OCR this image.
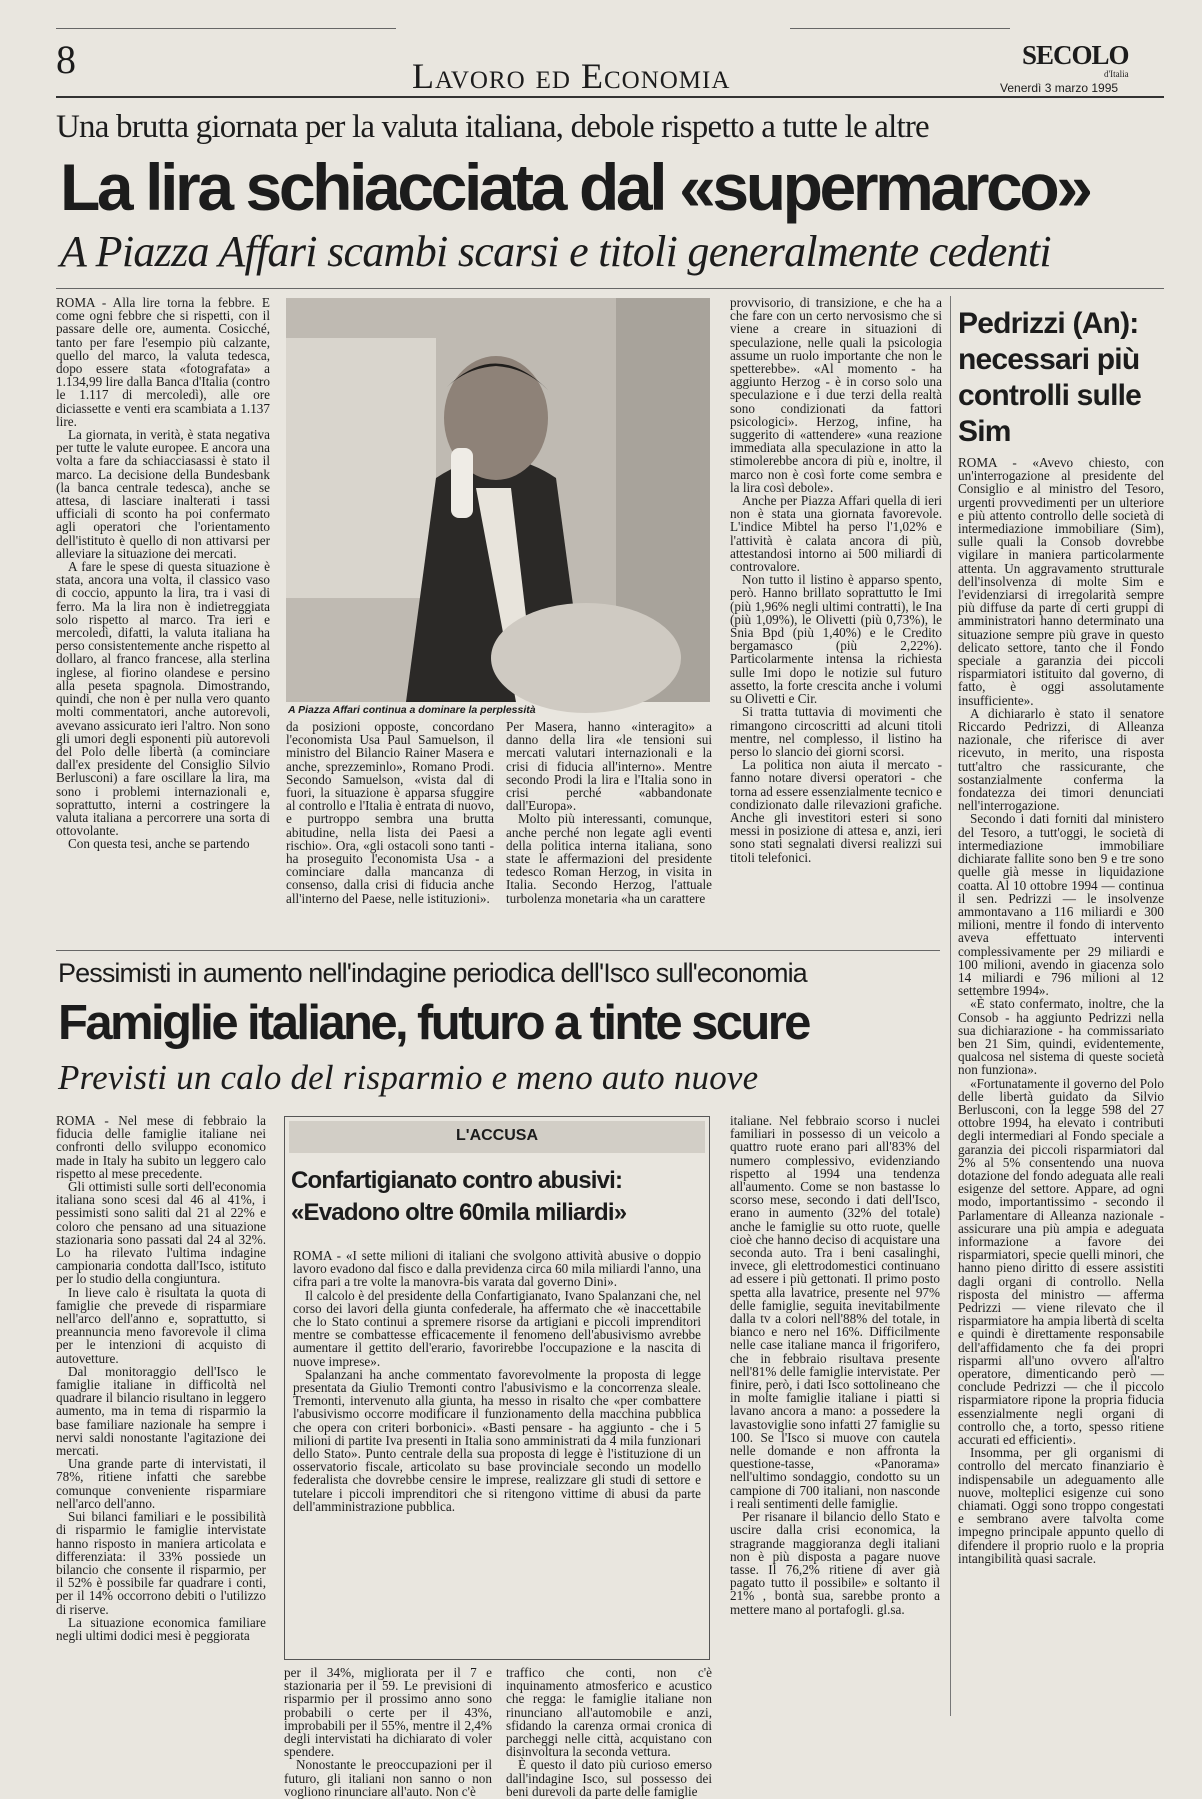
8	Lavoro ed Economia
SECOLO
d'Italia
Venerdì 3 marzo 1995
Una brutta giornata per la valuta italiana, debole rispetto a tutte le altre
La lira schiacciata dal «supermarco»
A Piazza Affari scambi scarsi e titoli generalmente cedenti
A Piazza Affari continua a dominare la perplessità

ROMA - Alla lire torna la febbre. E come ogni febbre che si rispetti, con il passare delle ore, aumenta. Cosicché, tanto per fare l'esempio più calzante, quello del marco, la valuta tedesca, dopo essere stata «fotografata» a 1.134,99 lire dalla Banca d'Italia (contro le 1.117 di mercoledì), alle ore diciassette e venti era scambiata a 1.137 lire.

La giornata, in verità, è stata negativa per tutte le valute europee. E ancora una volta a fare da schiacciasassi è stato il marco. La decisione della Bundesbank (la banca centrale tedesca), anche se attesa, di lasciare inalterati i tassi ufficiali di sconto ha poi confermato agli operatori che l'orientamento dell'istituto è quello di non attivarsi per alleviare la situazione dei mercati.

A fare le spese di questa situazione è stata, ancora una volta, il classico vaso di coccio, appunto la lira, tra i vasi di ferro. Ma la lira non è indietreggiata solo rispetto al marco. Tra ieri e mercoledì, difatti, la valuta italiana ha perso consistentemente anche rispetto al dollaro, al franco francese, alla sterlina inglese, al fiorino olandese e persino alla peseta spagnola. Dimostrando, quindi, che non è per nulla vero quanto molti commentatori, anche autorevoli, avevano assicurato ieri l'altro. Non sono gli umori degli esponenti più autorevoli del Polo delle libertà (a cominciare dall'ex presidente del Consiglio Silvio Berlusconi) a fare oscillare la lira, ma sono i problemi internazionali e, soprattutto, interni a costringere la valuta italiana a percorrere una sorta di ottovolante.

Con questa tesi, anche se partendo

da posizioni opposte, concordano l'economista Usa Paul Samuelson, il ministro del Bilancio Rainer Masera e anche, sprezzeminlo», Romano Prodi. Secondo Samuelson, «vista dal di fuori, la situazione è apparsa sfuggire al controllo e l'Italia è entrata di nuovo, e purtroppo sembra una brutta abitudine, nella lista dei Paesi a rischio». Ora, «gli ostacoli sono tanti - ha proseguito l'economista Usa - a cominciare dalla mancanza di consenso, dalla crisi di fiducia anche all'interno del Paese, nelle istituzioni».

Per Masera, hanno «interagito» a danno della lira «le tensioni sui mercati valutari internazionali e la crisi di fiducia all'interno». Mentre secondo Prodi la lira e l'Italia sono in crisi perché «abbandonate dall'Europa».

Molto più interessanti, comunque, anche perché non legate agli eventi della politica interna italiana, sono state le affermazioni del presidente tedesco Roman Herzog, in visita in Italia. Secondo Herzog, l'attuale turbolenza monetaria «ha un carattere

provvisorio, di transizione, e che ha a che fare con un certo nervosismo che si viene a creare in situazioni di speculazione, nelle quali la psicologia assume un ruolo importante che non le spetterebbe». «Al momento - ha aggiunto Herzog - è in corso solo una speculazione e i due terzi della realtà sono condizionati da fattori psicologici». Herzog, infine, ha suggerito di «attendere» «una reazione immediata alla speculazione in atto la stimolerebbe ancora di più e, inoltre, il marco non è così forte come sembra e la lira così debole».

Anche per Piazza Affari quella di ieri non è stata una giornata favorevole. L'indice Mibtel ha perso l'1,02% e l'attività è calata ancora di più, attestandosi intorno ai 500 miliardi di controvalore.

Non tutto il listino è apparso spento, però. Hanno brillato soprattutto le Imi (più 1,96% negli ultimi contratti), le Ina (più 1,09%), le Olivetti (più 0,73%), le Snia Bpd (più 1,40%) e le Credito bergamasco (più 2,22%). Particolarmente intensa la richiesta sulle Imi dopo le notizie sul futuro assetto, la forte crescita anche i volumi su Olivetti e Cir.

Si tratta tuttavia di movimenti che rimangono circoscritti ad alcuni titoli mentre, nel complesso, il listino ha perso lo slancio dei giorni scorsi.

La politica non aiuta il mercato - fanno notare diversi operatori - che torna ad essere essenzialmente tecnico e condizionato dalle rilevazioni grafiche. Anche gli investitori esteri si sono messi in posizione di attesa e, anzi, ieri sono stati segnalati diversi realizzi sui titoli telefonici.

Pedrizzi (An): necessari più controlli sulle Sim

ROMA - «Avevo chiesto, con un'interrogazione al presidente del Consiglio e al ministro del Tesoro, urgenti provvedimenti per un ulteriore e più attento controllo delle società di intermediazione immobiliare (Sim), sulle quali la Consob dovrebbe vigilare in maniera particolarmente attenta. Un aggravamento strutturale dell'insolvenza di molte Sim e l'evidenziarsi di irregolarità sempre più diffuse da parte di certi gruppi di amministratori hanno determinato una situazione sempre più grave in questo delicato settore, tanto che il Fondo speciale a garanzia dei piccoli risparmiatori istituito dal governo, di fatto, è oggi assolutamente insufficiente».

A dichiararlo è stato il senatore Riccardo Pedrizzi, di Alleanza nazionale, che riferisce di aver ricevuto, in merito, una risposta tutt'altro che rassicurante, che sostanzialmente conferma la fondatezza dei timori denunciati nell'interrogazione.

Secondo i dati forniti dal ministero del Tesoro, a tutt'oggi, le società di intermediazione immobiliare dichiarate fallite sono ben 9 e tre sono quelle già messe in liquidazione coatta. Al 10 ottobre 1994 — continua il sen. Pedrizzi — le insolvenze ammontavano a 116 miliardi e 300 milioni, mentre il fondo di intervento aveva effettuato interventi complessivamente per 29 miliardi e 100 milioni, avendo in giacenza solo 14 miliardi e 796 milioni al 12 settembre 1994».

«È stato confermato, inoltre, che la Consob - ha aggiunto Pedrizzi nella sua dichiarazione - ha commissariato ben 21 Sim, quindi, evidentemente, qualcosa nel sistema di queste società non funziona».

«Fortunatamente il governo del Polo delle libertà guidato da Silvio Berlusconi, con la legge 598 del 27 ottobre 1994, ha elevato i contributi degli intermediari al Fondo speciale a garanzia dei piccoli risparmiatori dal 2% al 5% consentendo una nuova dotazione del fondo adeguata alle reali esigenze del settore. Appare, ad ogni modo, importantissimo - secondo il Parlamentare di Alleanza nazionale - assicurare una più ampia e adeguata informazione a favore dei risparmiatori, specie quelli minori, che hanno pieno diritto di essere assistiti dagli organi di controllo. Nella risposta del ministro — afferma Pedrizzi — viene rilevato che il risparmiatore ha ampia libertà di scelta e quindi è direttamente responsabile dell'affidamento che fa dei propri risparmi all'uno ovvero all'altro operatore, dimenticando però — conclude Pedrizzi — che il piccolo risparmiatore ripone la propria fiducia essenzialmente negli organi di controllo che, a torto, spesso ritiene accurati ed efficienti».

Insomma, per gli organismi di controllo del mercato finanziario è indispensabile un adeguamento alle nuove, molteplici esigenze cui sono chiamati. Oggi sono troppo congestati e sembrano avere talvolta come impegno principale appunto quello di difendere il proprio ruolo e la propria intangibilità quasi sacrale.

Pessimisti in aumento nell'indagine periodica dell'Isco sull'economia
Famiglie italiane, futuro a tinte scure
Previsti un calo del risparmio e meno auto nuove

ROMA - Nel mese di febbraio la fiducia delle famiglie italiane nei confronti dello sviluppo economico made in Italy ha subito un leggero calo rispetto al mese precedente.

Gli ottimisti sulle sorti dell'economia italiana sono scesi dal 46 al 41%, i pessimisti sono saliti dal 21 al 22% e coloro che pensano ad una situazione stazionaria sono passati dal 24 al 32%. Lo ha rilevato l'ultima indagine campionaria condotta dall'Isco, istituto per lo studio della congiuntura.

In lieve calo è risultata la quota di famiglie che prevede di risparmiare nell'arco dell'anno e, soprattutto, si preannuncia meno favorevole il clima per le intenzioni di acquisto di autovetture.

Dal monitoraggio dell'Isco le famiglie italiane in difficoltà nel quadrare il bilancio risultano in leggero aumento, ma in tema di risparmio la base familiare nazionale ha sempre i nervi saldi nonostante l'agitazione dei mercati.

Una grande parte di intervistati, il 78%, ritiene infatti che sarebbe comunque conveniente risparmiare nell'arco dell'anno.

Sui bilanci familiari e le possibilità di risparmio le famiglie intervistate hanno risposto in maniera articolata e differenziata: il 33% possiede un bilancio che consente il risparmio, per il 52% è possibile far quadrare i conti, per il 14% occorrono debiti o l'utilizzo di riserve.

La situazione economica familiare negli ultimi dodici mesi è peggiorata

L'ACCUSA
Confartigianato contro abusivi: «Evadono oltre 60mila miliardi»

ROMA - «I sette milioni di italiani che svolgono attività abusive o doppio lavoro evadono dal fisco e dalla previdenza circa 60 mila miliardi l'anno, una cifra pari a tre volte la manovra-bis varata dal governo Dini».

Il calcolo è del presidente della Confartigianato, Ivano Spalanzani che, nel corso dei lavori della giunta confederale, ha affermato che «è inaccettabile che lo Stato continui a spremere risorse da artigiani e piccoli imprenditori mentre se combattesse efficacemente il fenomeno dell'abusivismo avrebbe aumentare il gettito dell'erario, favorirebbe l'occupazione e la nascita di nuove imprese».

Spalanzani ha anche commentato favorevolmente la proposta di legge presentata da Giulio Tremonti contro l'abusivismo e la concorrenza sleale. Tremonti, intervenuto alla giunta, ha messo in risalto che «per combattere l'abusivismo occorre modificare il funzionamento della macchina pubblica che opera con criteri borbonici». «Basti pensare - ha aggiunto - che i 5 milioni di partite Iva presenti in Italia sono amministrati da 4 mila funzionari dello Stato». Punto centrale della sua proposta di legge è l'istituzione di un osservatorio fiscale, articolato su base provinciale secondo un modello federalista che dovrebbe censire le imprese, realizzare gli studi di settore e tutelare i piccoli imprenditori che si ritengono vittime di abusi da parte dell'amministrazione pubblica.

per il 34%, migliorata per il 7 e stazionaria per il 59. Le previsioni di risparmio per il prossimo anno sono probabili o certe per il 43%, improbabili per il 55%, mentre il 2,4% degli intervistati ha dichiarato di voler spendere.

Nonostante le preoccupazioni per il futuro, gli italiani non sanno o non vogliono rinunciare all'auto. Non c'è

traffico che conti, non c'è inquinamento atmosferico e acustico che regga: le famiglie italiane non rinunciano all'automobile e anzi, sfidando la carenza ormai cronica di parcheggi nelle città, acquistano con disinvoltura la seconda vettura.

È questo il dato più curioso emerso dall'indagine Isco, sul possesso dei beni durevoli da parte delle famiglie

italiane. Nel febbraio scorso i nuclei familiari in possesso di un veicolo a quattro ruote erano pari all'83% del numero complessivo, evidenziando rispetto al 1994 una tendenza all'aumento. Come se non bastasse lo scorso mese, secondo i dati dell'Isco, erano in aumento (32% del totale) anche le famiglie su otto ruote, quelle cioè che hanno deciso di acquistare una seconda auto. Tra i beni casalinghi, invece, gli elettrodomestici continuano ad essere i più gettonati. Il primo posto spetta alla lavatrice, presente nel 97% delle famiglie, seguita inevitabilmente dalla tv a colori nell'88% del totale, in bianco e nero nel 16%. Difficilmente nelle case italiane manca il frigorifero, che in febbraio risultava presente nell'81% delle famiglie intervistate. Per finire, però, i dati Isco sottolineano che in molte famiglie italiane i piatti si lavano ancora a mano: a possedere la lavastoviglie sono infatti 27 famiglie su 100. Se l'Isco si muove con cautela nelle domande e non affronta la questione-tasse, «Panorama» nell'ultimo sondaggio, condotto su un campione di 700 italiani, non nasconde i reali sentimenti delle famiglie.

Per risanare il bilancio dello Stato e uscire dalla crisi economica, la stragrande maggioranza degli italiani non è più disposta a pagare nuove tasse. Il 76,2% ritiene di aver già pagato tutto il possibile» e soltanto il 21% , bontà sua, sarebbe pronto a mettere mano al portafogli. gl.sa.
